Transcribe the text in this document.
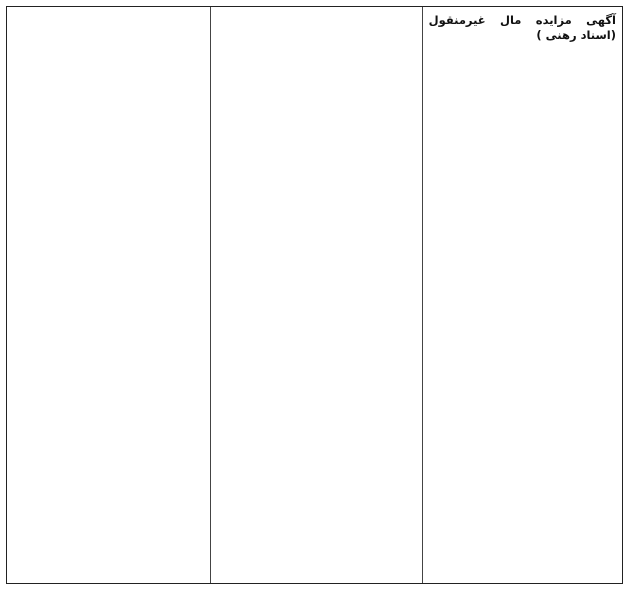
آگهی مزایده مال غیرمنقول (اسناد رهنی )
